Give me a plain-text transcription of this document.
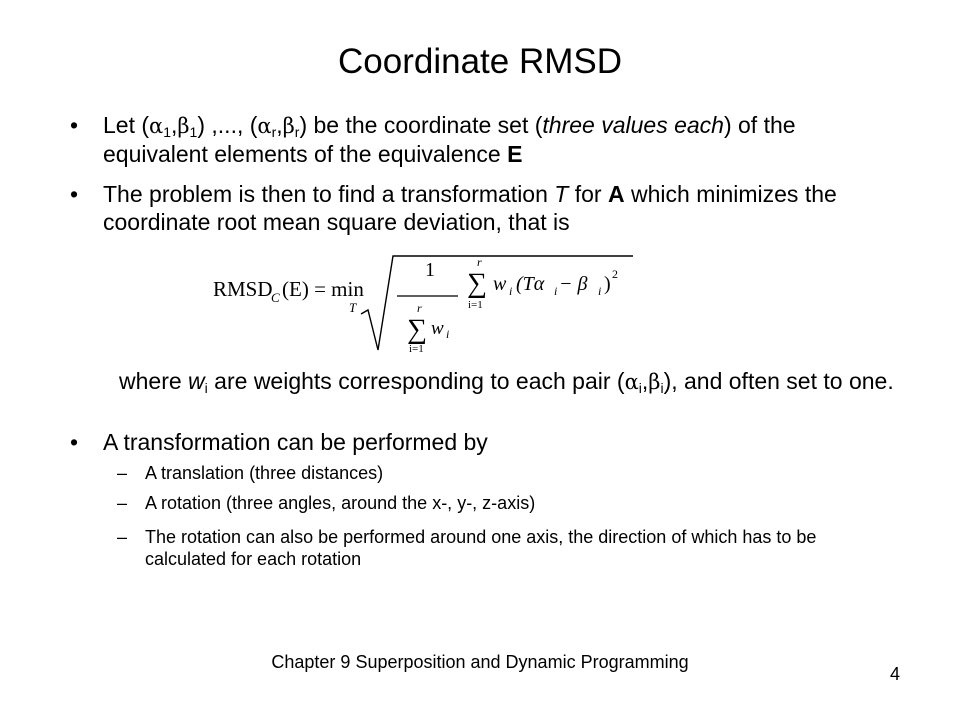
Coordinate RMSD
• Let $(\alpha_1,\beta_1)$ ,..., $(\alpha_r,\beta_r)$ be the coordinate set (three values each) of the equivalent elements of the equivalence E
• The problem is then to find a transformation T for A which minimizes the coordinate root mean square deviation, that is
RMSD
C (E) = min
T
1
r
∑
i=1
w i
r
∑
i=1
w i (Tα i − β i ) 2
where $w_i$ are weights corresponding to each pair $(\alpha_i,\beta_i)$, and often set to one.
• A transformation can be performed by
– A translation (three distances)
– A rotation (three angles, around the x-, y-, z-axis)
– The rotation can also be performed around one axis, the direction of which has to be calculated for each rotation
Chapter 9 Superposition and Dynamic Programming
4
